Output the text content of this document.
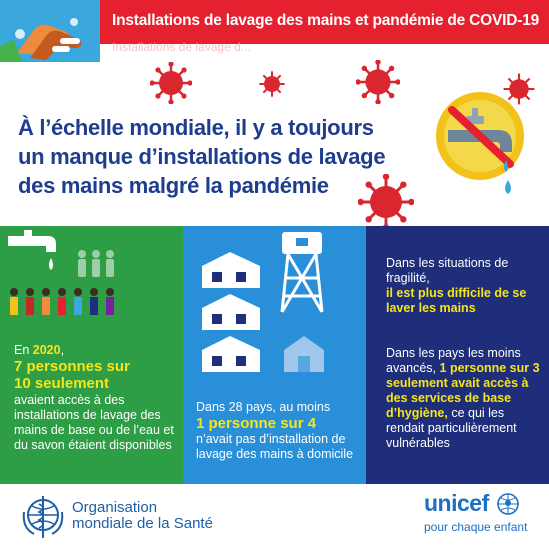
Installations de lavage des mains et pandémie de COVID-19
Installations de lavage d...
À l’échelle mondiale, il y a toujours
un manque d’installations de lavage
des mains malgré la pandémie
En 2020,
7 personnes sur
10 seulement
avaient accès à des installations de lavage des mains de base ou de l’eau et du savon étaient disponibles
Dans 28 pays, au moins
1 personne sur 4
n’avait pas d’installation de lavage des mains à domicile
Dans les situations de fragilité,
il est plus difficile de se laver les mains
Dans les pays les moins avancés, 1 personne sur 3 seulement avait accès à des services de base d’hygiène, ce qui les rendait particulièrement vulnérables
Organisation
mondiale de la Santé
unicef
pour chaque enfant
